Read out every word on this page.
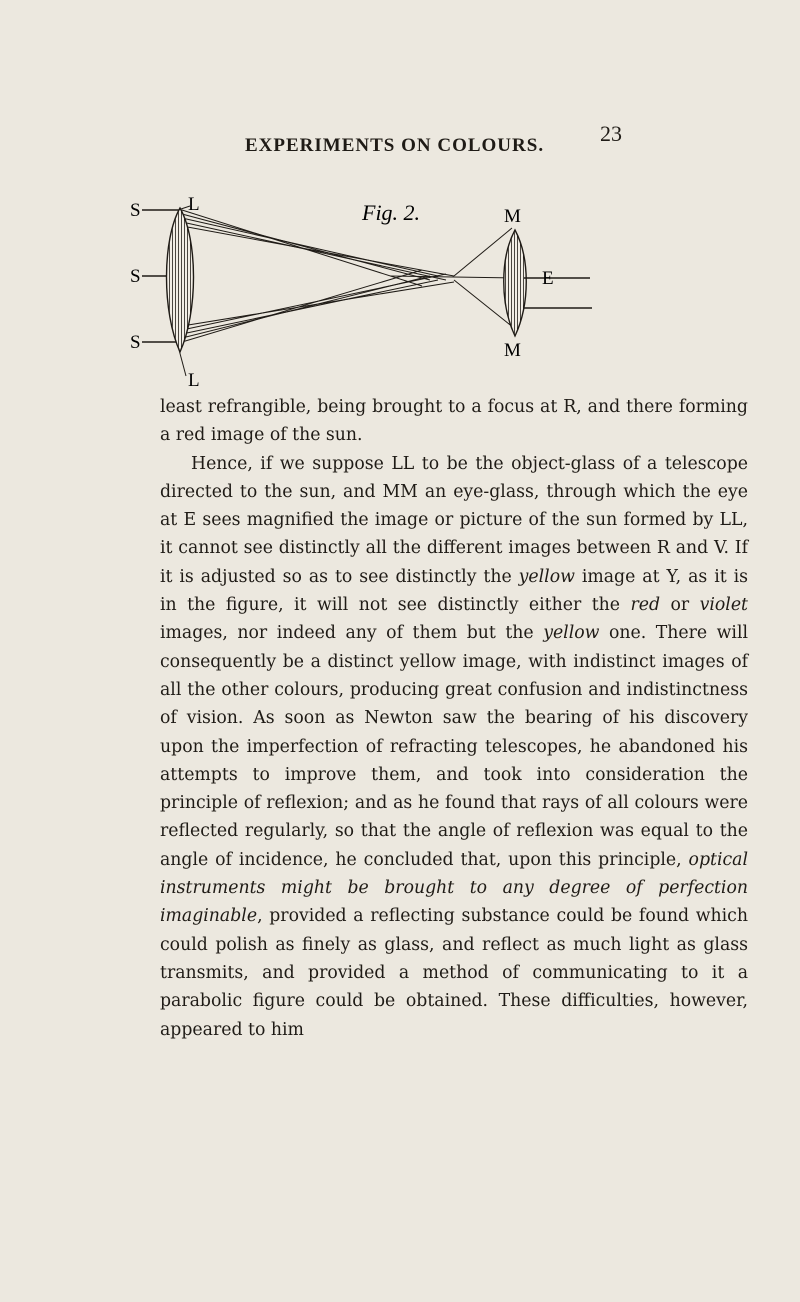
EXPERIMENTS ON COLOURS.	23
Fig. 2.
S
S
S
L
L
M
M
E

least refrangible, being brought to a focus at R, and there forming a red image of the sun.

Hence, if we suppose LL to be the object-glass of a telescope directed to the sun, and MM an eye-glass, through which the eye at E sees magnified the image or picture of the sun formed by LL, it cannot see distinctly all the different images between R and V. If it is adjusted so as to see distinctly the yellow image at Y, as it is in the figure, it will not see distinctly either the red or violet images, nor indeed any of them but the yellow one. There will consequently be a distinct yellow image, with indistinct images of all the other colours, producing great confusion and indistinctness of vision. As soon as Newton saw the bearing of his discovery upon the imperfection of refracting telescopes, he abandoned his attempts to improve them, and took into consideration the principle of reflexion; and as he found that rays of all colours were reflected regularly, so that the angle of reflexion was equal to the angle of incidence, he concluded that, upon this principle, optical instruments might be brought to any degree of perfection imaginable, provided a reflecting substance could be found which could polish as finely as glass, and reflect as much light as glass transmits, and provided a method of communicating to it a parabolic figure could be obtained. These difficulties, however, appeared to him
